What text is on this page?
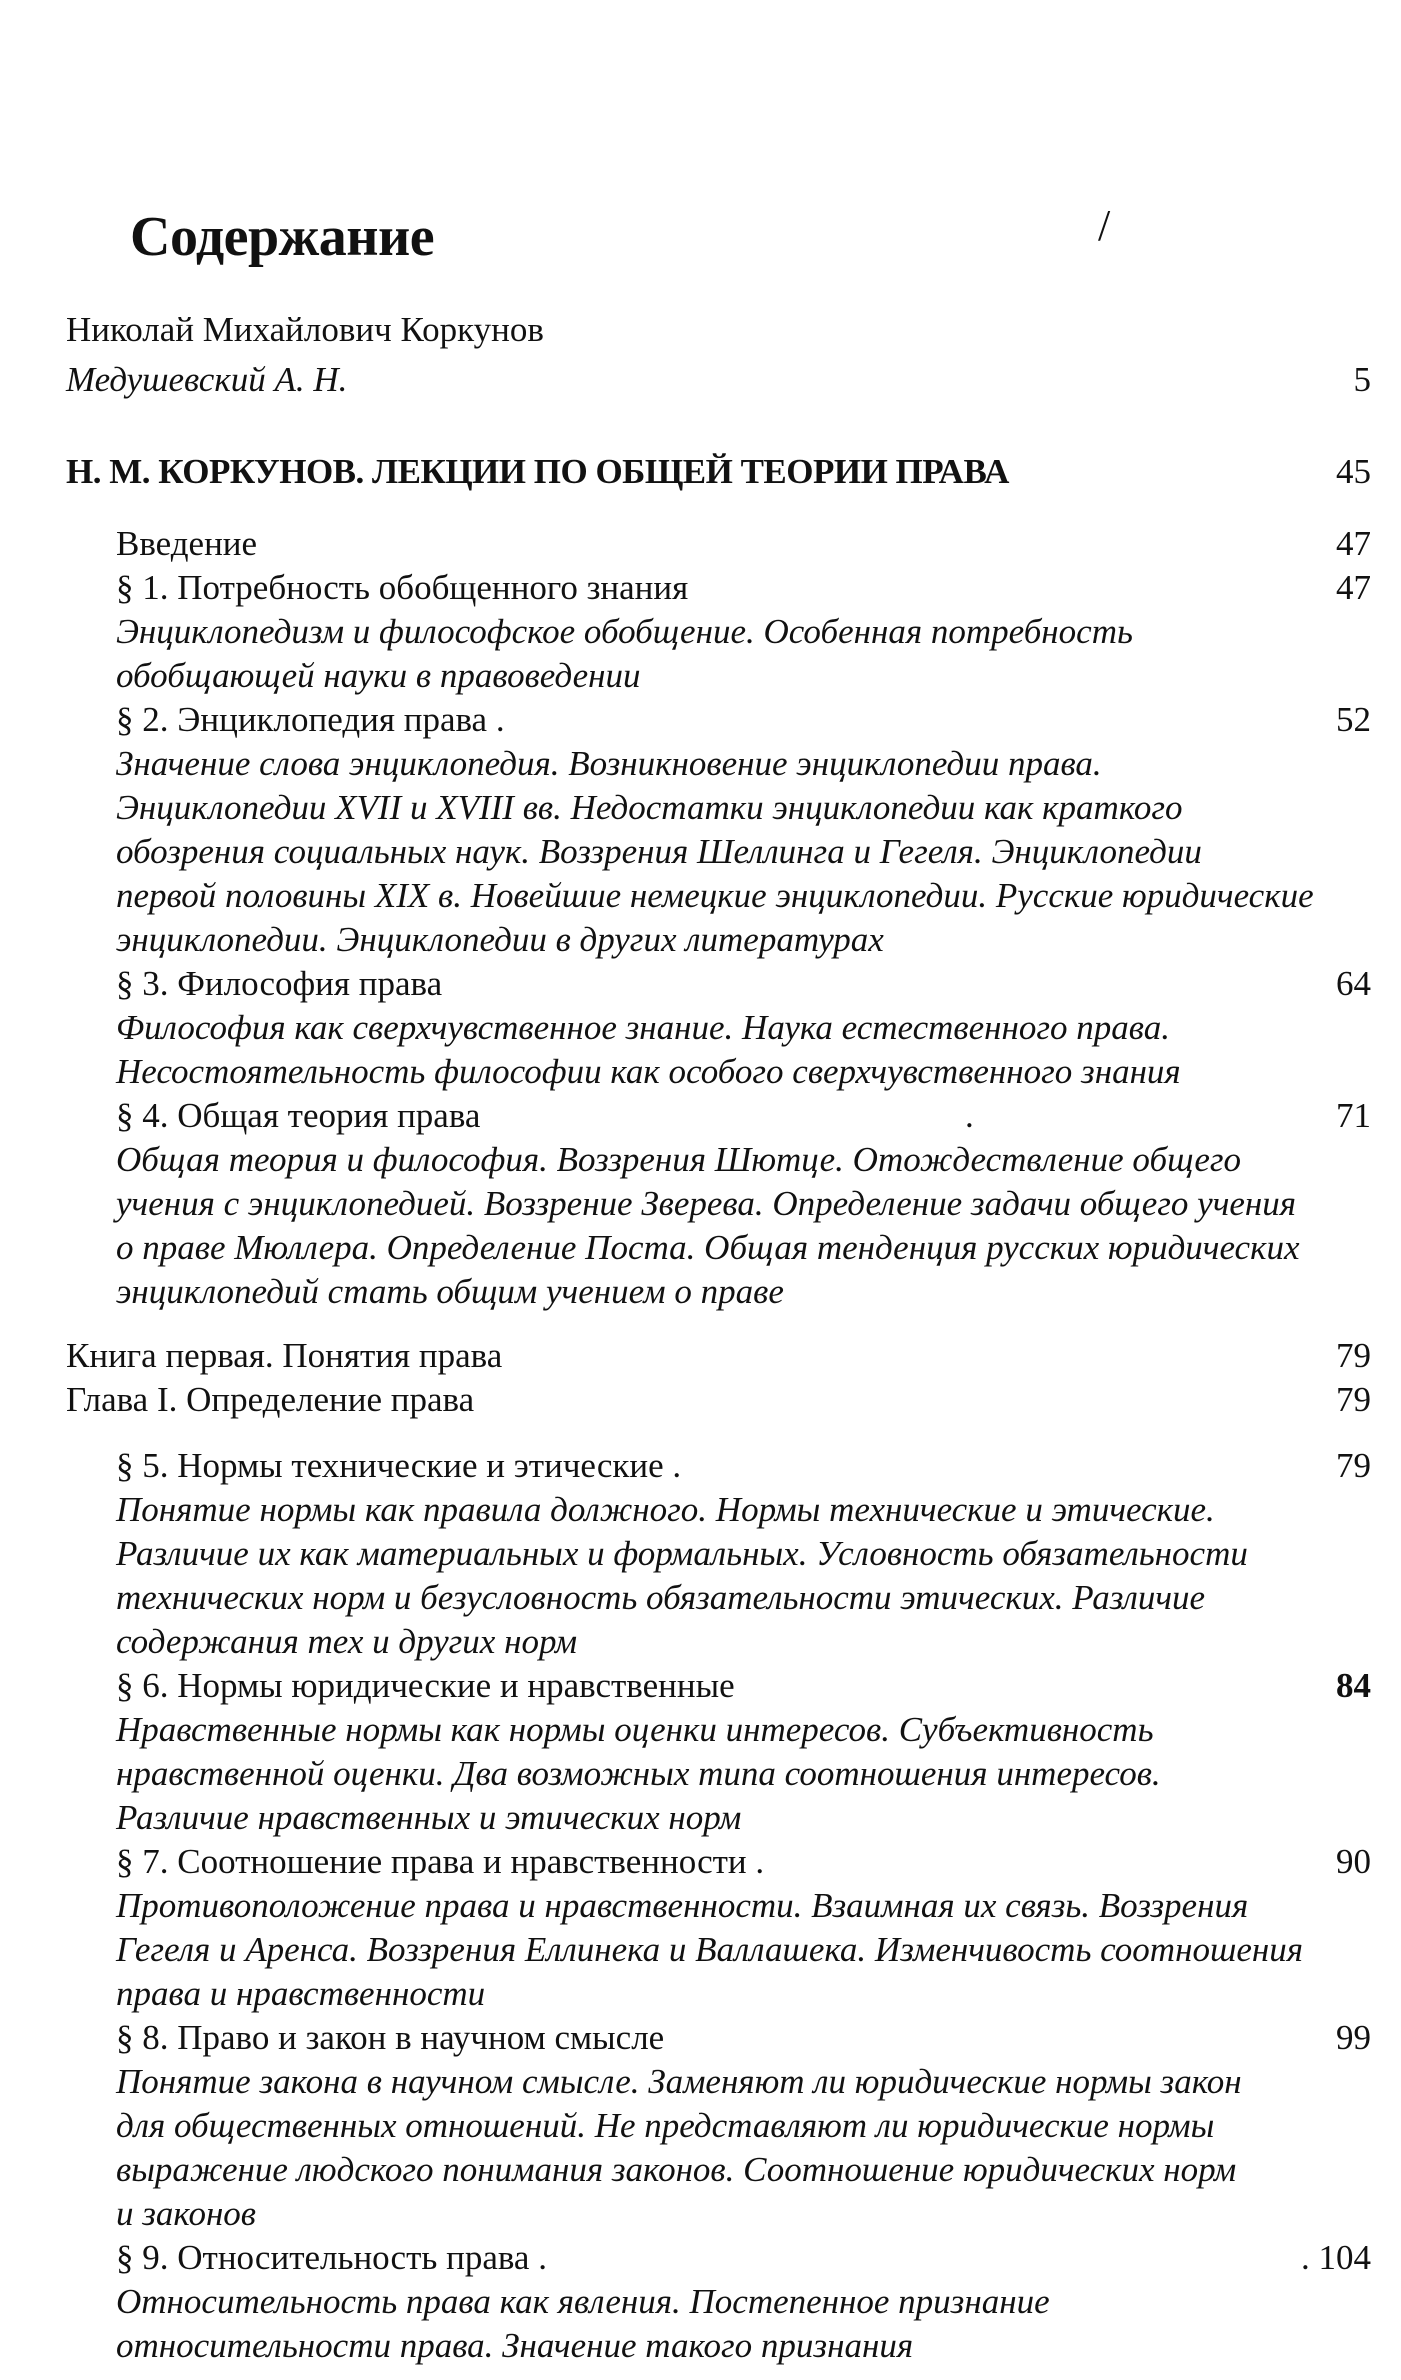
Содержание	/
Николай Михайлович Коркунов
Медушевский А. Н.	5
Н. М. КОРКУНОВ. ЛЕКЦИИ ПО ОБЩЕЙ ТЕОРИИ ПРАВА	45
Введение	47
§ 1. Потребность обобщенного знания	47
Энциклопедизм и философское обобщение. Особенная потребность
обобщающей науки в правоведении
§ 2. Энциклопедия права .	52
Значение слова энциклопедия. Возникновение энциклопедии права.
Энциклопедии XVII и XVIII вв. Недостатки энциклопедии как краткого
обозрения социальных наук. Воззрения Шеллинга и Гегеля. Энциклопедии
первой половины XIX в. Новейшие немецкие энциклопедии. Русские юридические
энциклопедии. Энциклопедии в других литературах
§ 3. Философия права	64
Философия как сверхчувственное знание. Наука естественного права.
Несостоятельность философии как особого сверхчувственного знания
§ 4. Общая теория права	.	71
Общая теория и философия. Воззрения Шютце. Отождествление общего
учения с энциклопедией. Воззрение Зверева. Определение задачи общего учения
о праве Мюллера. Определение Поста. Общая тенденция русских юридических
энциклопедий стать общим учением о праве
Книга первая. Понятия права	79
Глава I. Определение права	79
§ 5. Нормы технические и этические .	79
Понятие нормы как правила должного. Нормы технические и этические.
Различие их как материальных и формальных. Условность обязательности
технических норм и безусловность обязательности этических. Различие
содержания тех и других норм
§ 6. Нормы юридические и нравственные	84
Нравственные нормы как нормы оценки интересов. Субъективность
нравственной оценки. Два возможных типа соотношения интересов.
Различие нравственных и этических норм
§ 7. Соотношение права и нравственности .	90
Противоположение права и нравственности. Взаимная их связь. Воззрения
Гегеля и Аренса. Воззрения Еллинека и Валлашека. Изменчивость соотношения
права и нравственности
§ 8. Право и закон в научном смысле	99
Понятие закона в научном смысле. Заменяют ли юридические нормы закон
для общественных отношений. Не представляют ли юридические нормы
выражение людского понимания законов. Соотношение юридических норм
и законов
§ 9. Относительность права .	. 104
Относительность права как явления. Постепенное признание
относительности права. Значение такого признания
